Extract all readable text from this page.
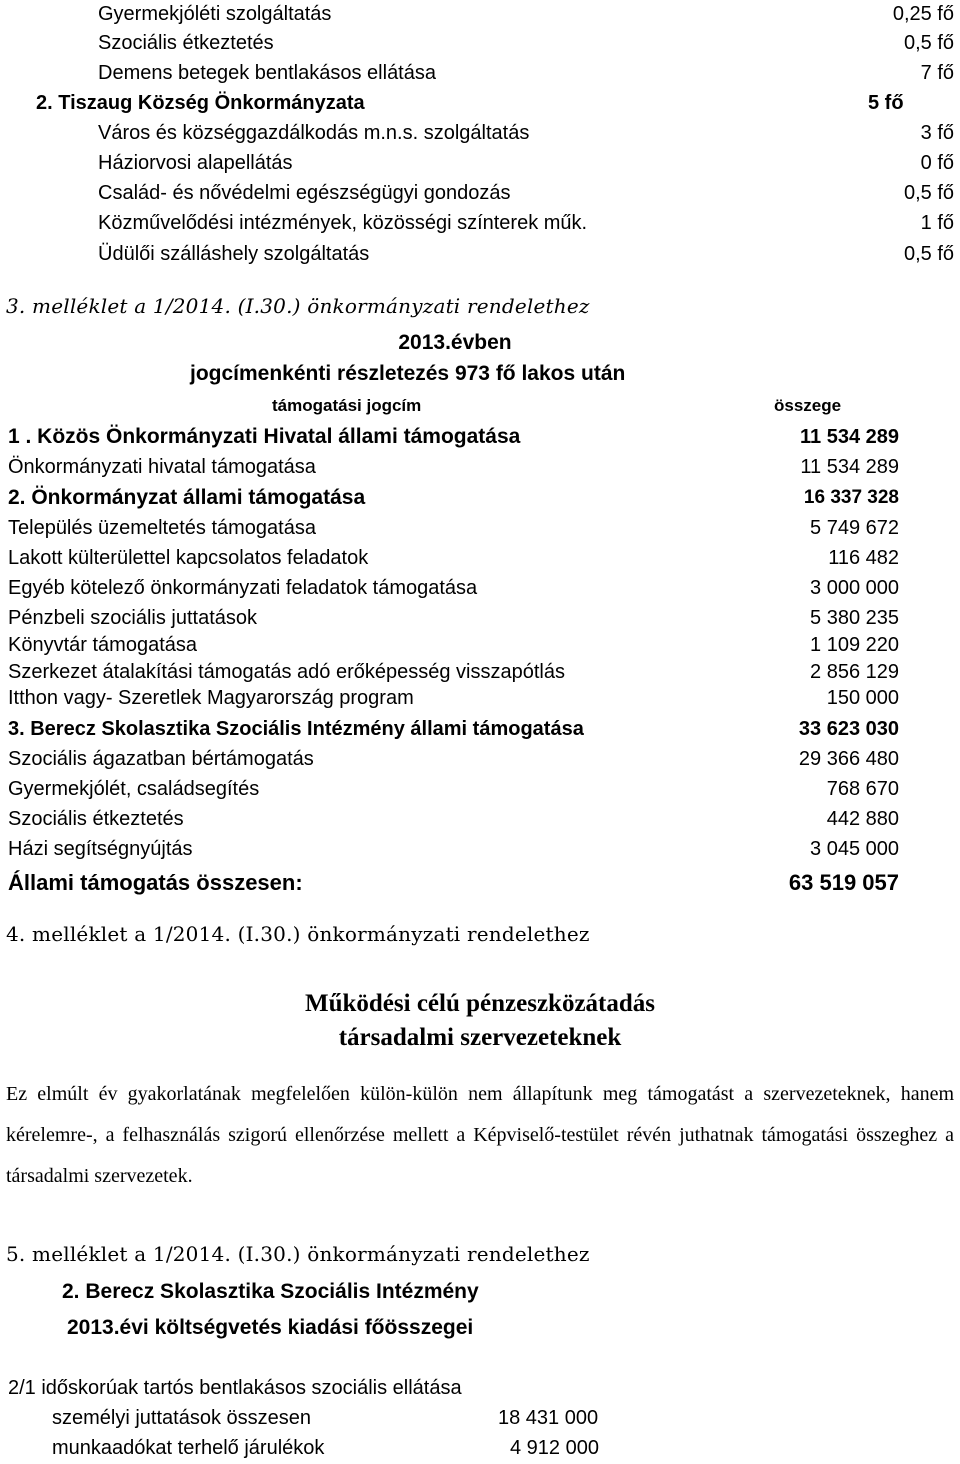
Gyermekjóléti szolgáltatás	0,25 fő
Szociális étkeztetés	0,5 fő
Demens betegek bentlakásos ellátása	7 fő
2. Tiszaug Község Önkormányzata	5 fő
Város és községgazdálkodás m.n.s. szolgáltatás	3 fő
Háziorvosi alapellátás	0 fő
Család- és nővédelmi egészségügyi gondozás	0,5 fő
Közművelődési intézmények, közösségi színterek műk.	1 fő
Üdülői szálláshely szolgáltatás	0,5 fő
3. melléklet a 1/2014. (I.30.) önkormányzati rendelethez
2013.évben
jogcímenkénti részletezés 973 fő lakos után
támogatási jogcím	összege
1 . Közös Önkormányzati Hivatal állami támogatása	11 534 289
Önkormányzati hivatal támogatása	11 534 289
2. Önkormányzat állami támogatása	16 337 328
Település üzemeltetés támogatása	5 749 672
Lakott külterülettel kapcsolatos feladatok	116 482
Egyéb kötelező önkormányzati feladatok támogatása	3 000 000
Pénzbeli szociális juttatások	5 380 235
Könyvtár támogatása	1 109 220
Szerkezet átalakítási támogatás adó erőképesség visszapótlás	2 856 129
Itthon vagy- Szeretlek Magyarország program	150 000
3. Berecz Skolasztika Szociális Intézmény állami támogatása	33 623 030
Szociális ágazatban bértámogatás	29 366 480
Gyermekjólét, családsegítés	768 670
Szociális étkeztetés	442 880
Házi segítségnyújtás	3 045 000
Állami támogatás összesen:	63 519 057
4. melléklet a 1/2014. (I.30.) önkormányzati rendelethez
Működési célú pénzeszközátadás
társadalmi szervezeteknek
Ez elmúlt év gyakorlatának megfelelően külön-külön nem állapítunk meg támogatást a szervezeteknek, hanem kérelemre-, a felhasználás szigorú ellenőrzése mellett a Képviselő-testület révén juthatnak támogatási összeghez a társadalmi szervezetek.
5. melléklet a 1/2014. (I.30.) önkormányzati rendelethez
2. Berecz Skolasztika Szociális Intézmény
2013.évi költségvetés kiadási főösszegei
2/1 időskorúak tartós bentlakásos szociális ellátása
személyi juttatások összesen	18 431 000
munkaadókat terhelő járulékok	4 912 000
